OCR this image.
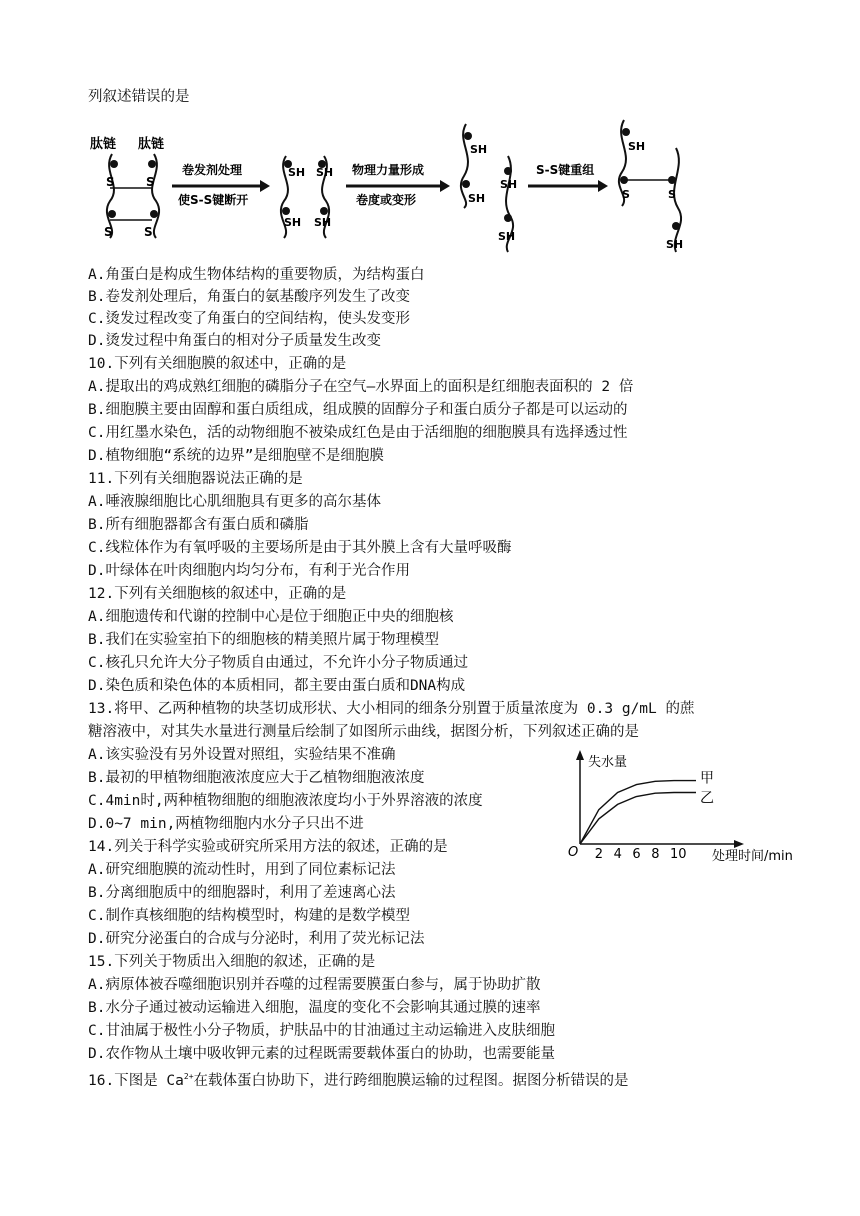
列叙述错误的是
肽链 肽链
S	S
S	S
卷发剂处理
使S-S键断开
SH SH
SH SH
物理力量形成
卷度或变形
SH
SH
SH
SH
S-S键重组
SH
S	S
SH
A.角蛋白是构成生物体结构的重要物质，为结构蛋白
B.卷发剂处理后，角蛋白的氨基酸序列发生了改变
C.烫发过程改变了角蛋白的空间结构，使头发变形
D.烫发过程中角蛋白的相对分子质量发生改变
10.下列有关细胞膜的叙述中，正确的是
A.提取出的鸡成熟红细胞的磷脂分子在空气—水界面上的面积是红细胞表面积的 2 倍
B.细胞膜主要由固醇和蛋白质组成，组成膜的固醇分子和蛋白质分子都是可以运动的
C.用红墨水染色，活的动物细胞不被染成红色是由于活细胞的细胞膜具有选择透过性
D.植物细胞“系统的边界”是细胞壁不是细胞膜
11.下列有关细胞器说法正确的是
A.唾液腺细胞比心肌细胞具有更多的高尔基体
B.所有细胞器都含有蛋白质和磷脂
C.线粒体作为有氧呼吸的主要场所是由于其外膜上含有大量呼吸酶
D.叶绿体在叶肉细胞内均匀分布，有利于光合作用
12.下列有关细胞核的叙述中，正确的是
A.细胞遗传和代谢的控制中心是位于细胞正中央的细胞核
B.我们在实验室拍下的细胞核的精美照片属于物理模型
C.核孔只允许大分子物质自由通过，不允许小分子物质通过
D.染色质和染色体的本质相同，都主要由蛋白质和DNA构成
13.将甲、乙两种植物的块茎切成形状、大小相同的细条分别置于质量浓度为 0.3 g/mL 的蔗
糖溶液中，对其失水量进行测量后绘制了如图所示曲线，据图分析，下列叙述正确的是
A.该实验没有另外设置对照组，实验结果不准确
B.最初的甲植物细胞液浓度应大于乙植物细胞液浓度
C.4min时,两种植物细胞的细胞液浓度均小于外界溶液的浓度
D.0~7 min,两植物细胞内水分子只出不进
失水量
O	处理时间/min
2 4 6 8 10
甲
乙
14.列关于科学实验或研究所采用方法的叙述，正确的是
A.研究细胞膜的流动性时，用到了同位素标记法
B.分离细胞质中的细胞器时，利用了差速离心法
C.制作真核细胞的结构模型时，构建的是数学模型
D.研究分泌蛋白的合成与分泌时，利用了荧光标记法
15.下列关于物质出入细胞的叙述，正确的是
A.病原体被吞噬细胞识别并吞噬的过程需要膜蛋白参与，属于协助扩散
B.水分子通过被动运输进入细胞，温度的变化不会影响其通过膜的速率
C.甘油属于极性小分子物质，护肤品中的甘油通过主动运输进入皮肤细胞
D.农作物从土壤中吸收钾元素的过程既需要载体蛋白的协助，也需要能量
16.下图是 $Ca^{2+}$在载体蛋白协助下，进行跨细胞膜运输的过程图。据图分析错误的是
